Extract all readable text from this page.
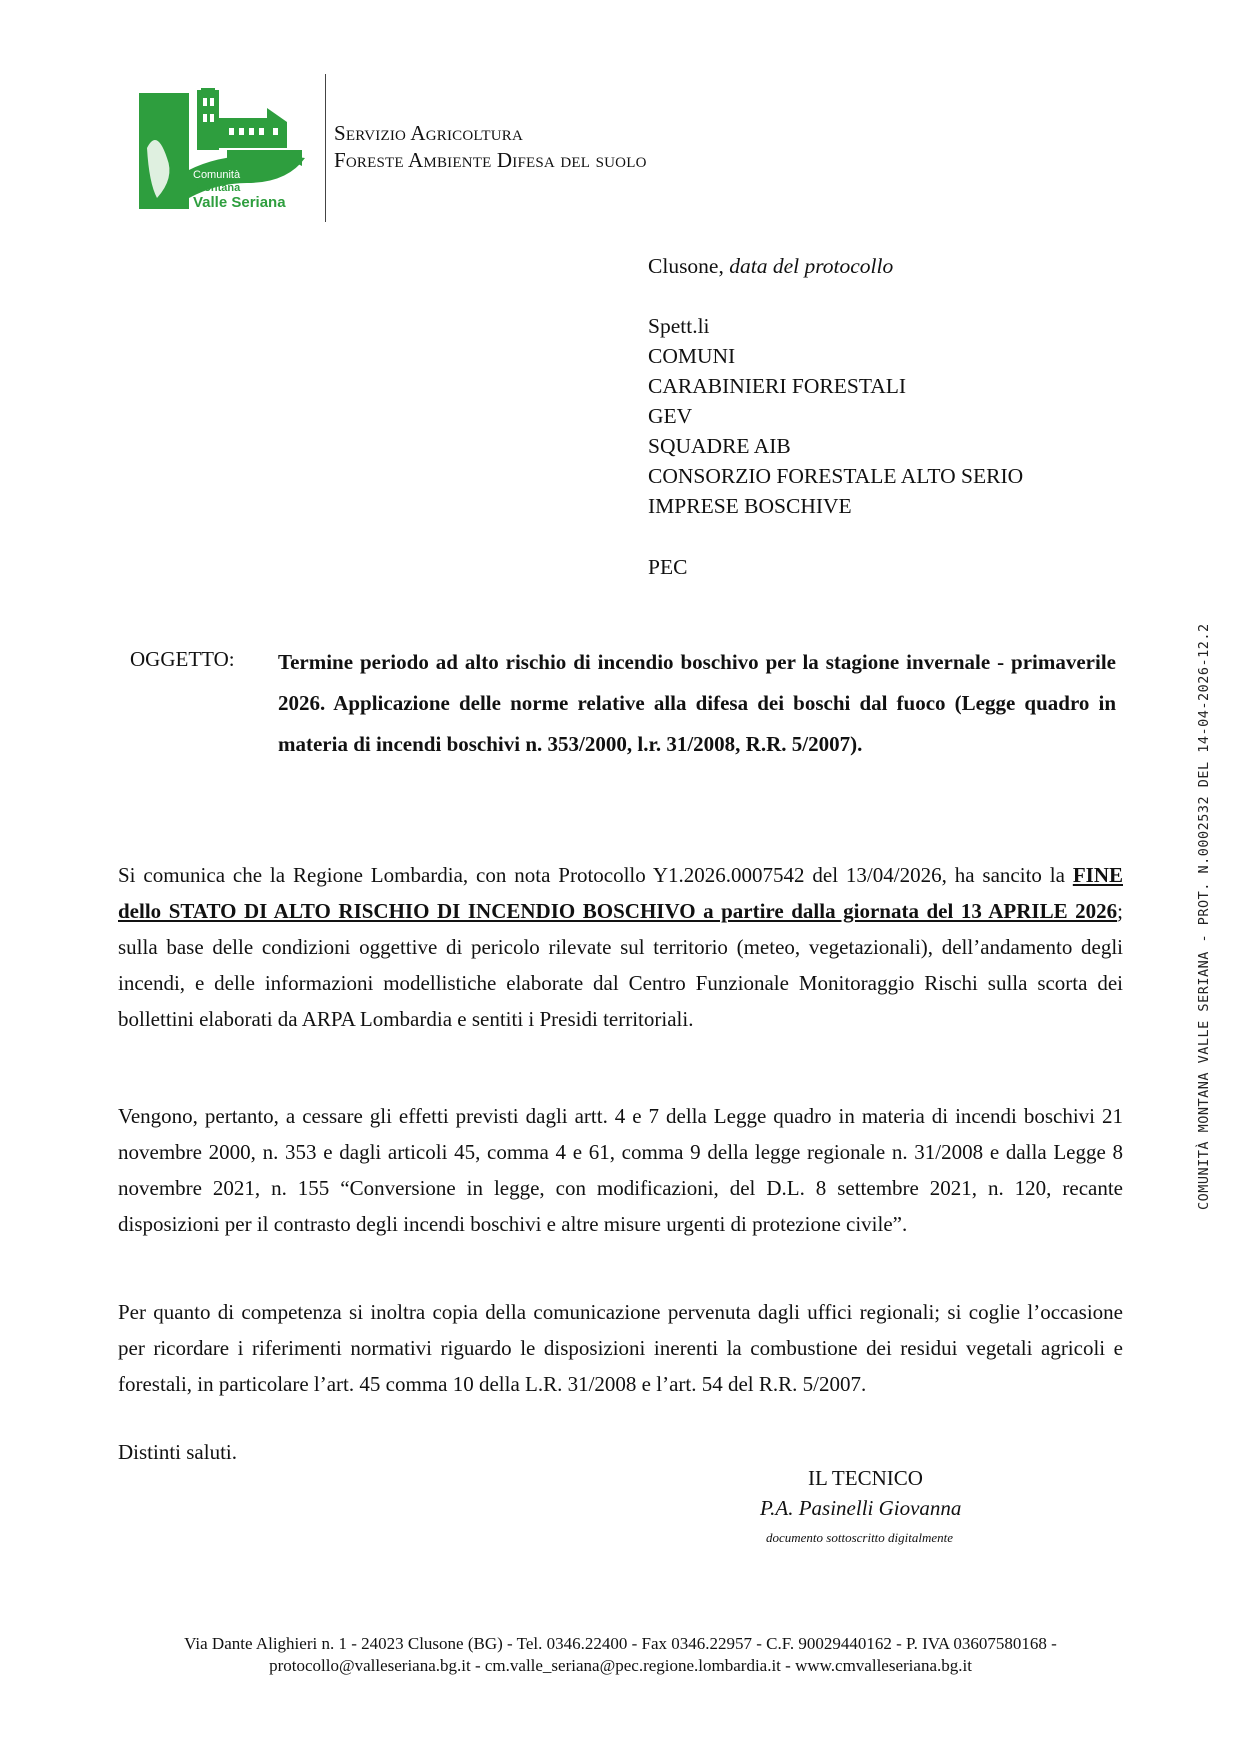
Comunità
Montana
Valle Seriana
Servizio Agricoltura
Foreste Ambiente Difesa del suolo
Clusone, data del protocollo
Spett.li
COMUNI
CARABINIERI FORESTALI
GEV
SQUADRE AIB
CONSORZIO FORESTALE ALTO SERIO
IMPRESE BOSCHIVE
PEC
OGGETTO: Termine periodo ad alto rischio di incendio boschivo per la stagione invernale - primaverile 2026. Applicazione delle norme relative alla difesa dei boschi dal fuoco (Legge quadro in materia di incendi boschivi n. 353/2000, l.r. 31/2008, R.R. 5/2007).
Si comunica che la Regione Lombardia, con nota Protocollo Y1.2026.0007542 del 13/04/2026, ha sancito la FINE dello STATO DI ALTO RISCHIO DI INCENDIO BOSCHIVO a partire dalla giornata del 13 APRILE 2026; sulla base delle condizioni oggettive di pericolo rilevate sul territorio (meteo, vegetazionali), dell’andamento degli incendi, e delle informazioni modellistiche elaborate dal Centro Funzionale Monitoraggio Rischi sulla scorta dei bollettini elaborati da ARPA Lombardia e sentiti i Presidi territoriali.
Vengono, pertanto, a cessare gli effetti previsti dagli artt. 4 e 7 della Legge quadro in materia di incendi boschivi 21 novembre 2000, n. 353 e dagli articoli 45, comma 4 e 61, comma 9 della legge regionale n. 31/2008 e dalla Legge 8 novembre 2021, n. 155 “Conversione in legge, con modificazioni, del D.L. 8 settembre 2021, n. 120, recante disposizioni per il contrasto degli incendi boschivi e altre misure urgenti di protezione civile”.
Per quanto di competenza si inoltra copia della comunicazione pervenuta dagli uffici regionali; si coglie l’occasione per ricordare i riferimenti normativi riguardo le disposizioni inerenti la combustione dei residui vegetali agricoli e forestali, in particolare l’art. 45 comma 10 della L.R. 31/2008 e l’art. 54 del R.R. 5/2007.
Distinti saluti.
IL TECNICO
P.A. Pasinelli Giovanna
documento sottoscritto digitalmente
Via Dante Alighieri n. 1 - 24023 Clusone (BG) - Tel. 0346.22400 - Fax 0346.22957 - C.F. 90029440162 - P. IVA 03607580168 -
protocollo@valleseriana.bg.it - cm.valle_seriana@pec.regione.lombardia.it - www.cmvalleseriana.bg.it
COMUNITÀ MONTANA VALLE SERIANA - PROT. N.0002532 DEL 14-04-2026-12.2
